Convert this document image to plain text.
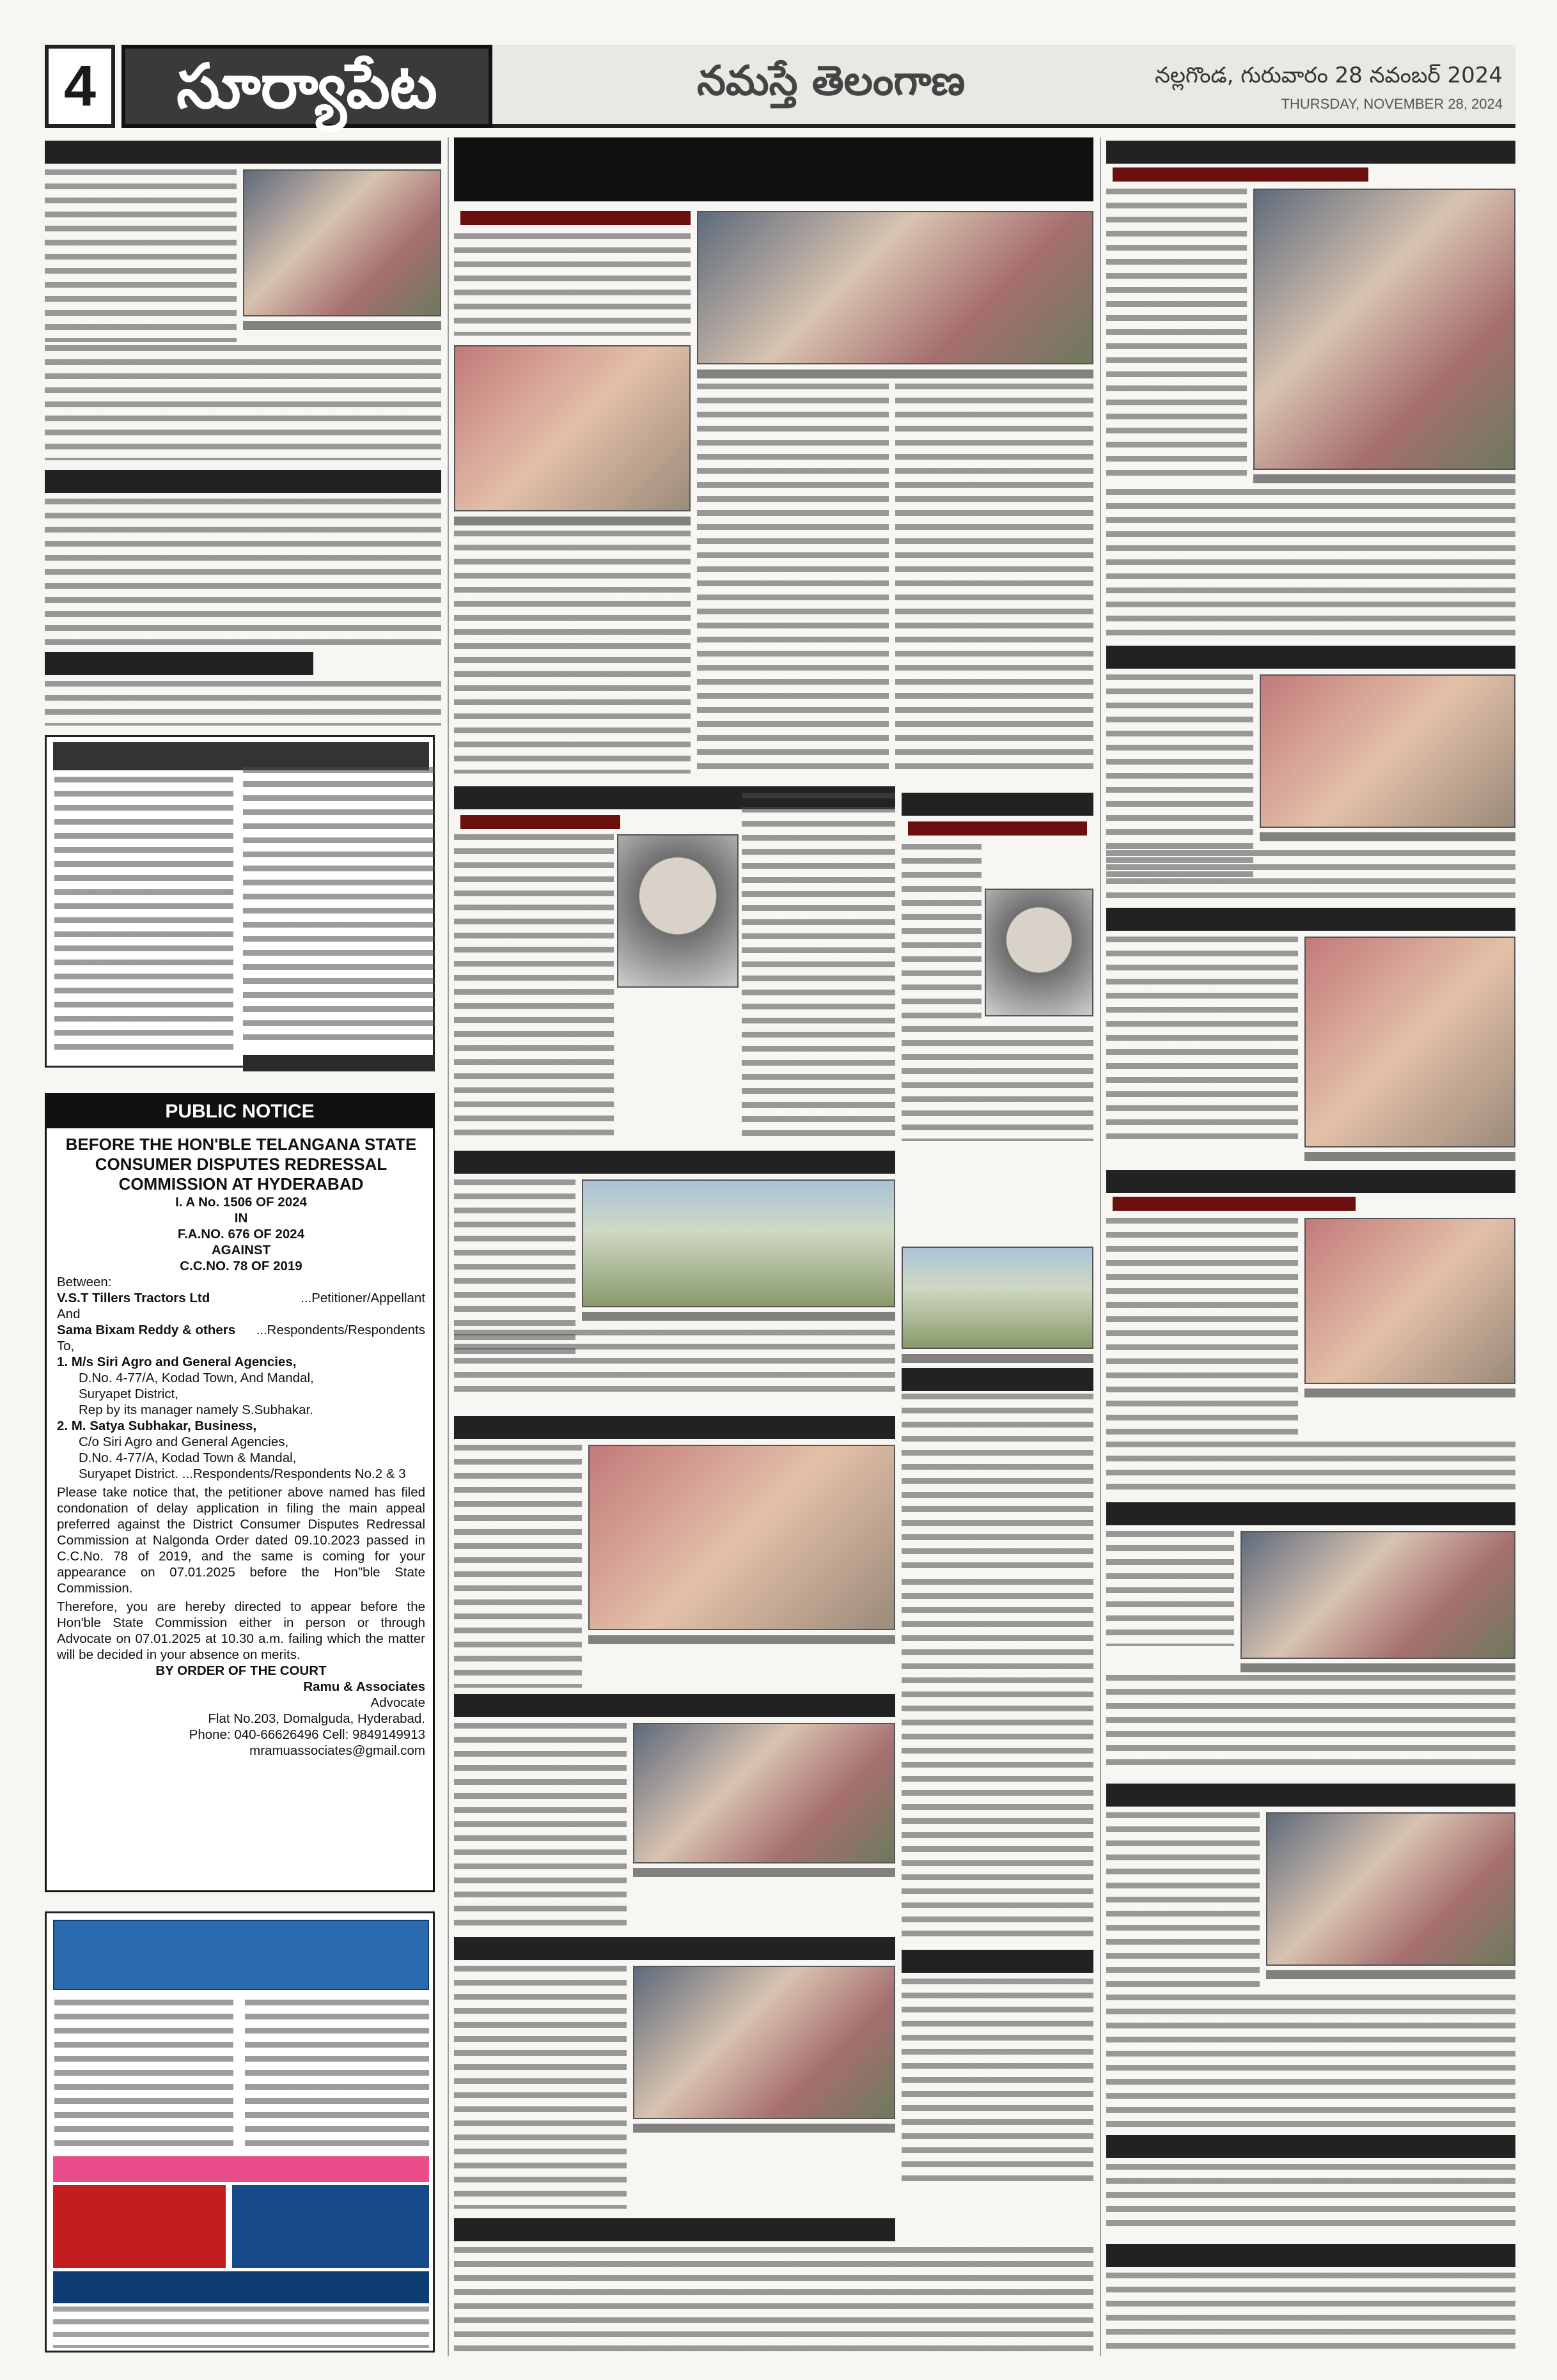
4	సూర్యాపేట	నమస్తే తెలంగాణ	నల్లగొండ, గురువారం 28 నవంబర్ 2024
THURSDAY, NOVEMBER 28, 2024
PUBLIC NOTICE
BEFORE THE HON'BLE TELANGANA STATE CONSUMER DISPUTES REDRESSAL COMMISSION AT HYDERABAD
I. A No. 1506 OF 2024
IN
F.A.NO. 676 OF 2024
AGAINST
C.C.NO. 78 OF 2019
Between:
V.S.T Tillers Tractors Ltd	...Petitioner/Appellant
And
Sama Bixam Reddy & others ...Respondents/Respondents
To,
1. M/s Siri Agro and General Agencies,
D.No. 4-77/A, Kodad Town, And Mandal,
Suryapet District,
Rep by its manager namely S.Subhakar.
2. M. Satya Subhakar, Business,
C/o Siri Agro and General Agencies,
D.No. 4-77/A, Kodad Town & Mandal,
Suryapet District. ...Respondents/Respondents No.2 & 3
Please take notice that, the petitioner above named has filed condonation of delay application in filing the main appeal preferred against the District Consumer Disputes Redressal Commission at Nalgonda Order dated 09.10.2023 passed in C.C.No. 78 of 2019, and the same is coming for your appearance on 07.01.2025 before the Hon"ble State Commission.
Therefore, you are hereby directed to appear before the Hon'ble State Commission either in person or through Advocate on 07.01.2025 at 10.30 a.m. failing which the matter will be decided in your absence on merits.
BY ORDER OF THE COURT
Ramu & Associates
Advocate
Flat No.203, Domalguda, Hyderabad.
Phone: 040-66626496 Cell: 9849149913
mramuassociates@gmail.com
